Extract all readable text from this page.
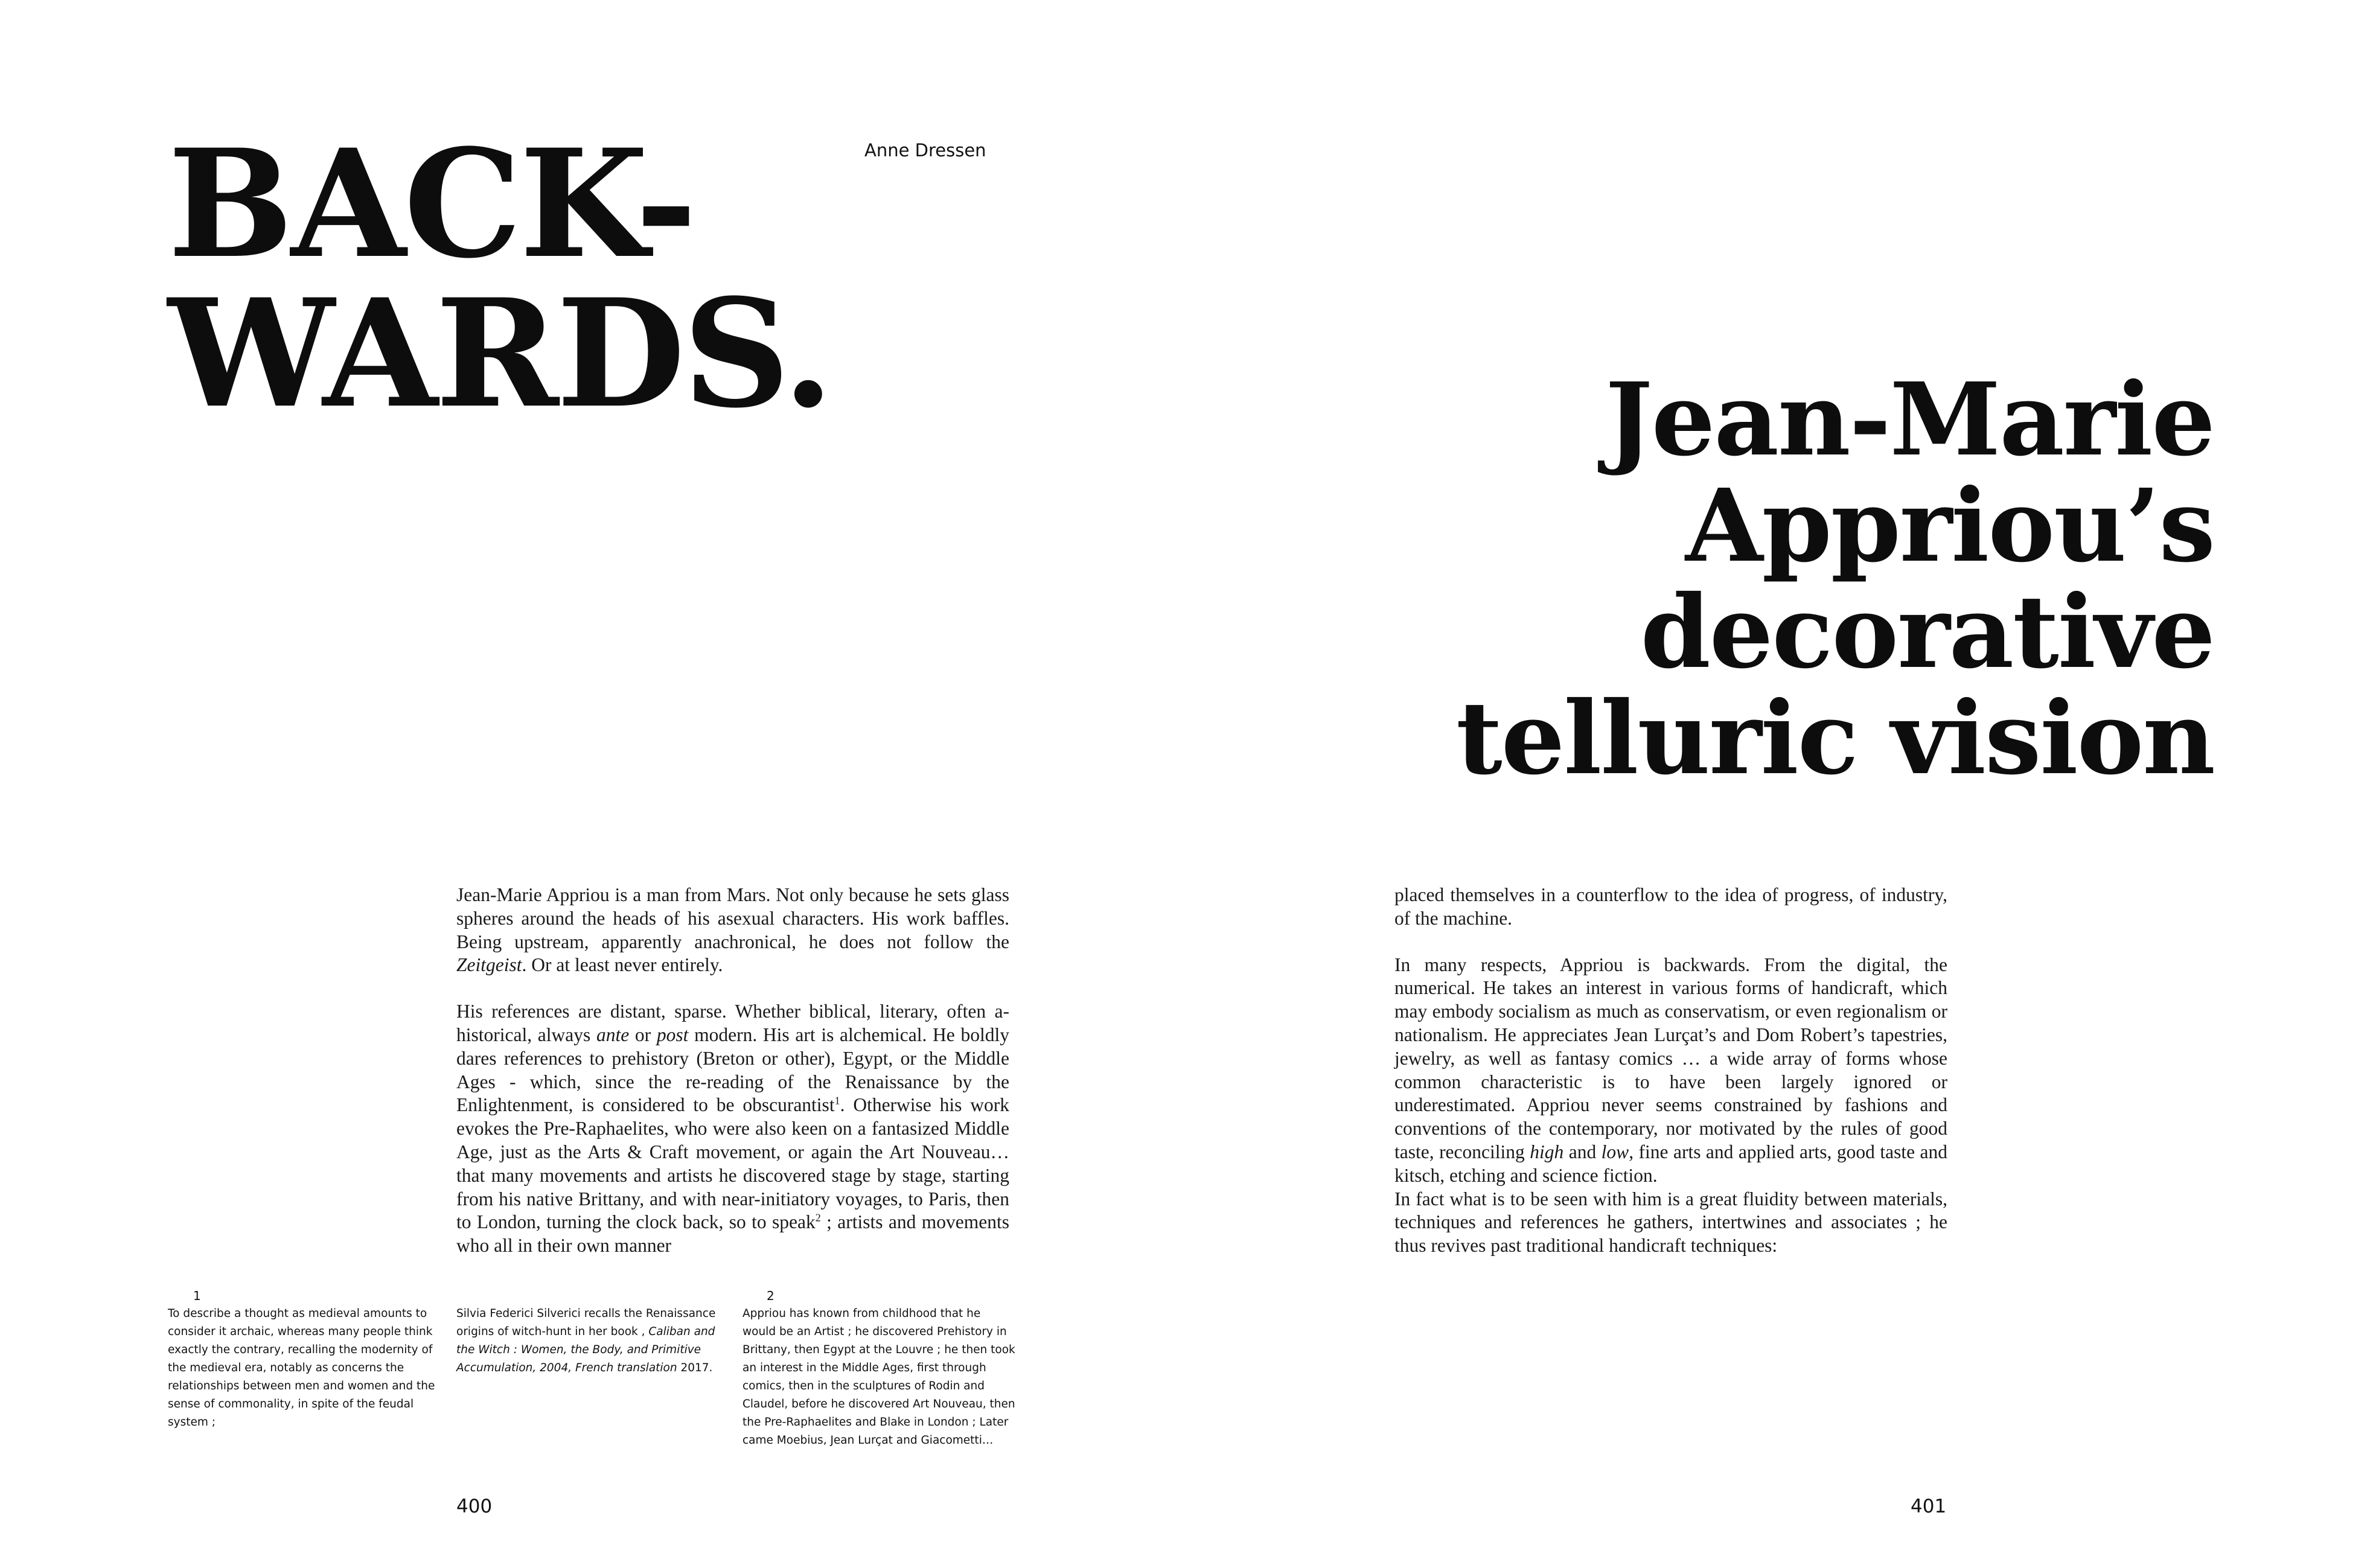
BACK-
WARDS.
Anne Dressen

Jean-Marie Appriou is a man from Mars. Not only because he sets glass spheres around the heads of his asexual characters. His work baffles. Being upstream, apparently anachronical, he does not follow the Zeitgeist. Or at least never entirely.

His references are distant, sparse. Whether biblical, literary, often a-historical, always ante or post modern. His art is alchemical. He boldly dares references to prehistory (Breton or other), Egypt, or the Middle Ages - which, since the re-reading of the Renaissance by the Enlightenment, is considered to be obscurantist$^1$. Otherwise his work evokes the Pre-Raphaelites, who were also keen on a fantasized Middle Age, just as the Arts & Craft movement, or again the Art Nouveau… that many movements and artists he discovered stage by stage, starting from his native Brittany, and with near-initiatory voyages, to Paris, then to London, turning the clock back, so to speak$^2$ ; artists and movements who all in their own manner

1
To describe a thought as medieval amounts to consider it archaic, whereas many people think exactly the contrary, recalling the modernity of the medieval era, notably as concerns the relationships between men and women and the sense of commonality, in spite of the feudal system ;
Silvia Federici Silverici recalls the Renaissance origins of witch-hunt in her book , Caliban and the Witch : Women, the Body, and Primitive Accumulation, 2004, French translation 2017.
2
Appriou has known from childhood that he would be an Artist ; he discovered Prehistory in Brittany, then Egypt at the Louvre ; he then took an interest in the Middle Ages, first through comics, then in the sculptures of Rodin and Claudel, before he discovered Art Nouveau, then the Pre-Raphaelites and Blake in London ; Later came Moebius, Jean Lurçat and Giacometti…
400
Jean-Marie
Appriou’s
decorative
telluric vision

placed themselves in a counterflow to the idea of progress, of industry, of the machine.

In many respects, Appriou is backwards. From the digital, the numerical. He takes an interest in various forms of handicraft, which may embody socialism as much as conservatism, or even regionalism or nationalism. He appreciates Jean Lurçat’s and Dom Robert’s tapestries, jewelry, as well as fantasy comics … a wide array of forms whose common characteristic is to have been largely ignored or underestimated. Appriou never seems constrained by fashions and conventions of the contemporary, nor motivated by the rules of good taste, reconciling high and low, fine arts and applied arts, good taste and kitsch, etching and science fiction.

In fact what is to be seen with him is a great fluidity between materials, techniques and references he gathers, intertwines and associates ; he thus revives past traditional handicraft techniques:

401
